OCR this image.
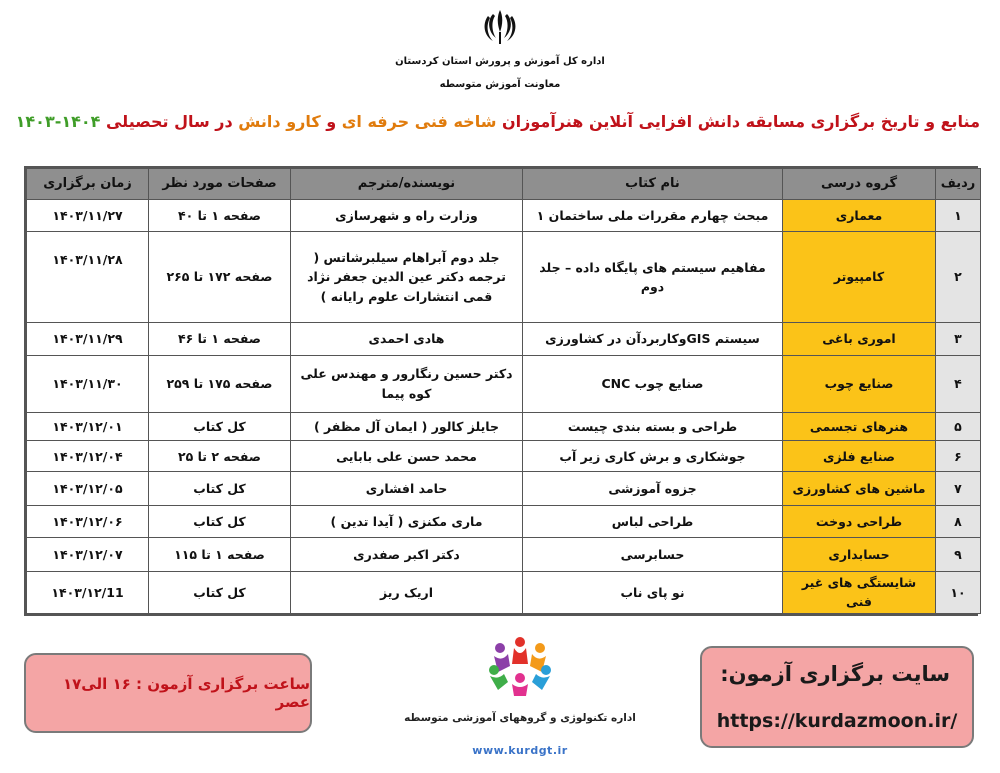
اداره کل آموزش و پرورش استان کردستان
معاونت آموزش متوسطه
منابع و تاریخ برگزاری مسابقه دانش افزایی آنلاین هنرآموزان شاخه فنی حرفه ای و کارو دانش در سال تحصیلی ۱۴۰۴-۱۴۰۳
ردیف	گروه درسی	نام کتاب	نویسنده/مترجم	صفحات مورد نظر	زمان برگزاری
۱	معماری	مبحث چهارم مقررات ملی ساختمان ۱	وزارت راه و شهرسازی	صفحه ۱ تا ۴۰	۱۴۰۳/۱۱/۲۷
۲	کامپیوتر	مفاهیم سیستم های پایگاه داده – جلد دوم	جلد دوم آبراهام سیلبرشاتس ( ترجمه دکتر عین الدین جعفر نژاد قمی انتشارات علوم رایانه )	صفحه ۱۷۲ تا ۲۶۵	۱۴۰۳/۱۱/۲۸
۳	اموری باغی	سیستم GISوکاربردآن در کشاورزی	هادی احمدی	صفحه ۱ تا ۴۶	۱۴۰۳/۱۱/۲۹
۴	صنایع چوب	صنایع چوب CNC	دکتر حسین رنگارور و مهندس علی کوه پیما	صفحه ۱۷۵ تا ۲۵۹	۱۴۰۳/۱۱/۳۰
۵	هنرهای تجسمی	طراحی و بسته بندی چیست	جایلز کالور ( ایمان آل مظفر )	کل کتاب	۱۴۰۳/۱۲/۰۱
۶	صنایع فلزی	جوشکاری و برش کاری زیر آب	محمد حسن علی بابایی	صفحه ۲ تا ۲۵	۱۴۰۳/۱۲/۰۴
۷	ماشین های کشاورزی	جزوه آموزشی	حامد افشاری	کل کتاب	۱۴۰۳/۱۲/۰۵
۸	طراحی دوخت	طراحی لباس	ماری مکنزی ( آیدا تدین )	کل کتاب	۱۴۰۳/۱۲/۰۶
۹	حسابداری	حسابرسی	دکتر اکبر صفدری	صفحه ۱ تا ۱۱۵	۱۴۰۳/۱۲/۰۷
۱۰	شایستگی های غیر فنی	نو پای ناب	اریک ریز	کل کتاب	۱۴۰۳/۱۲/11
ساعت برگزاری آزمون : ۱۶ الی۱۷ عصر
اداره تکنولوژی و گروههای آموزشی متوسطه
www.kurdgt.ir
سایت برگزاری آزمون:
https://kurdazmoon.ir/
